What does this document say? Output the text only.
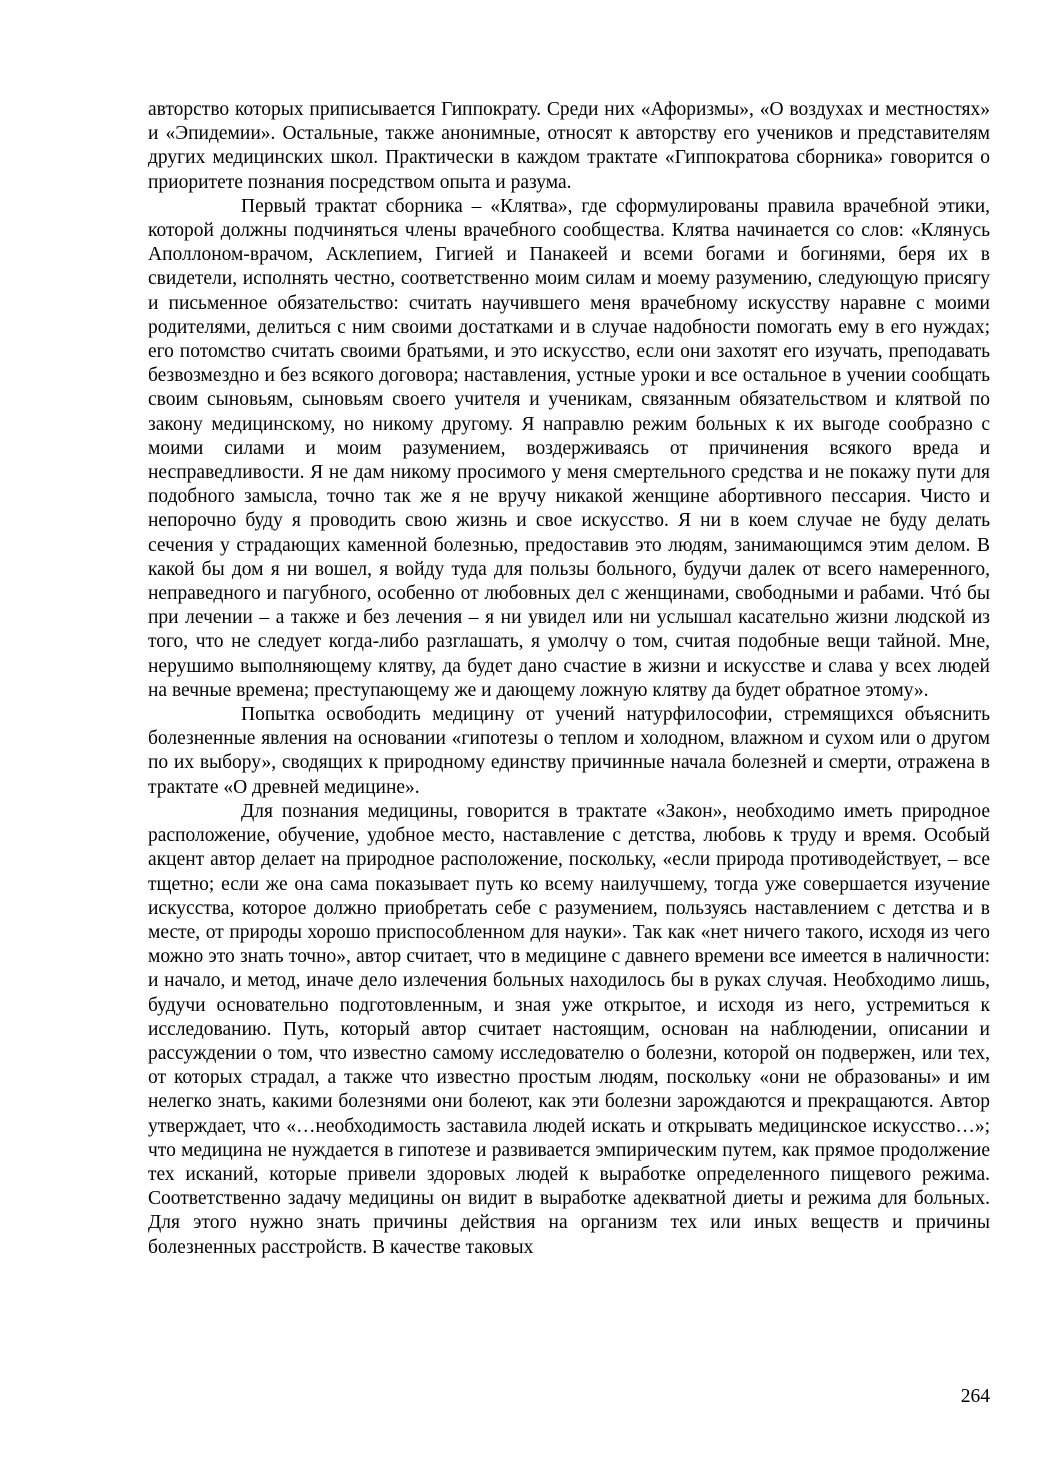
авторство которых приписывается Гиппократу. Среди них «Афоризмы», «О воздухах и местностях» и «Эпидемии». Остальные, также анонимные, относят к авторству его учеников и представителям других медицинских школ. Практически в каждом трактате «Гиппократова сборника» говорится о приоритете познания посредством опыта и разума.

Первый трактат сборника – «Клятва», где сформулированы правила врачебной этики, которой должны подчиняться члены врачебного сообщества. Клятва начинается со слов: «Клянусь Аполлоном-врачом, Асклепием, Гигией и Панакеей и всеми богами и богинями, беря их в свидетели, исполнять честно, соответственно моим силам и моему разумению, следующую присягу и письменное обязательство: считать научившего меня врачебному искусству наравне с моими родителями, делиться с ним своими достатками и в случае надобности помогать ему в его нуждах; его потомство считать своими братьями, и это искусство, если они захотят его изучать, преподавать безвозмездно и без всякого договора; наставления, устные уроки и все остальное в учении сообщать своим сыновьям, сыновьям своего учителя и ученикам, связанным обязательством и клятвой по закону медицинскому, но никому другому. Я направлю режим больных к их выгоде сообразно с моими силами и моим разумением, воздерживаясь от причинения всякого вреда и несправедливости. Я не дам никому просимого у меня смертельного средства и не покажу пути для подобного замысла, точно так же я не вручу никакой женщине абортивного пессария. Чисто и непорочно буду я проводить свою жизнь и свое искусство. Я ни в коем случае не буду делать сечения у страдающих каменной болезнью, предоставив это людям, занимающимся этим делом. В какой бы дом я ни вошел, я войду туда для пользы больного, будучи далек от всего намеренного, неправедного и пагубного, особенно от любовных дел с женщинами, свободными и рабами. Чтó бы при лечении – а также и без лечения – я ни увидел или ни услышал касательно жизни людской из того, что не следует когда-либо разглашать, я умолчу о том, считая подобные вещи тайной. Мне, нерушимо выполняющему клятву, да будет дано счастие в жизни и искусстве и слава у всех людей на вечные времена; преступающему же и дающему ложную клятву да будет обратное этому».

Попытка освободить медицину от учений натурфилософии, стремящихся объяснить болезненные явления на основании «гипотезы о теплом и холодном, влажном и сухом или о другом по их выбору», сводящих к природному единству причинные начала болезней и смерти, отражена в трактате «О древней медицине».

Для познания медицины, говорится в трактате «Закон», необходимо иметь природное расположение, обучение, удобное место, наставление с детства, любовь к труду и время. Особый акцент автор делает на природное расположение, поскольку, «если природа противодействует, – все тщетно; если же она сама показывает путь ко всему наилучшему, тогда уже совершается изучение искусства, которое должно приобретать себе с разумением, пользуясь наставлением с детства и в месте, от природы хорошо приспособленном для науки». Так как «нет ничего такого, исходя из чего можно это знать точно», автор считает, что в медицине с давнего времени все имеется в наличности: и начало, и метод, иначе дело излечения больных находилось бы в руках случая. Необходимо лишь, будучи основательно подготовленным, и зная уже открытое, и исходя из него, устремиться к исследованию. Путь, который автор считает настоящим, основан на наблюдении, описании и рассуждении о том, что известно самому исследователю о болезни, которой он подвержен, или тех, от которых страдал, а также что известно простым людям, поскольку «они не образованы» и им нелегко знать, какими болезнями они болеют, как эти болезни зарождаются и прекращаются. Автор утверждает, что «…необходимость заставила людей искать и открывать медицинское искусство…»; что медицина не нуждается в гипотезе и развивается эмпирическим путем, как прямое продолжение тех исканий, которые привели здоровых людей к выработке определенного пищевого режима. Соответственно задачу медицины он видит в выработке адекватной диеты и режима для больных. Для этого нужно знать причины действия на организм тех или иных веществ и причины болезненных расстройств. В качестве таковых

264
